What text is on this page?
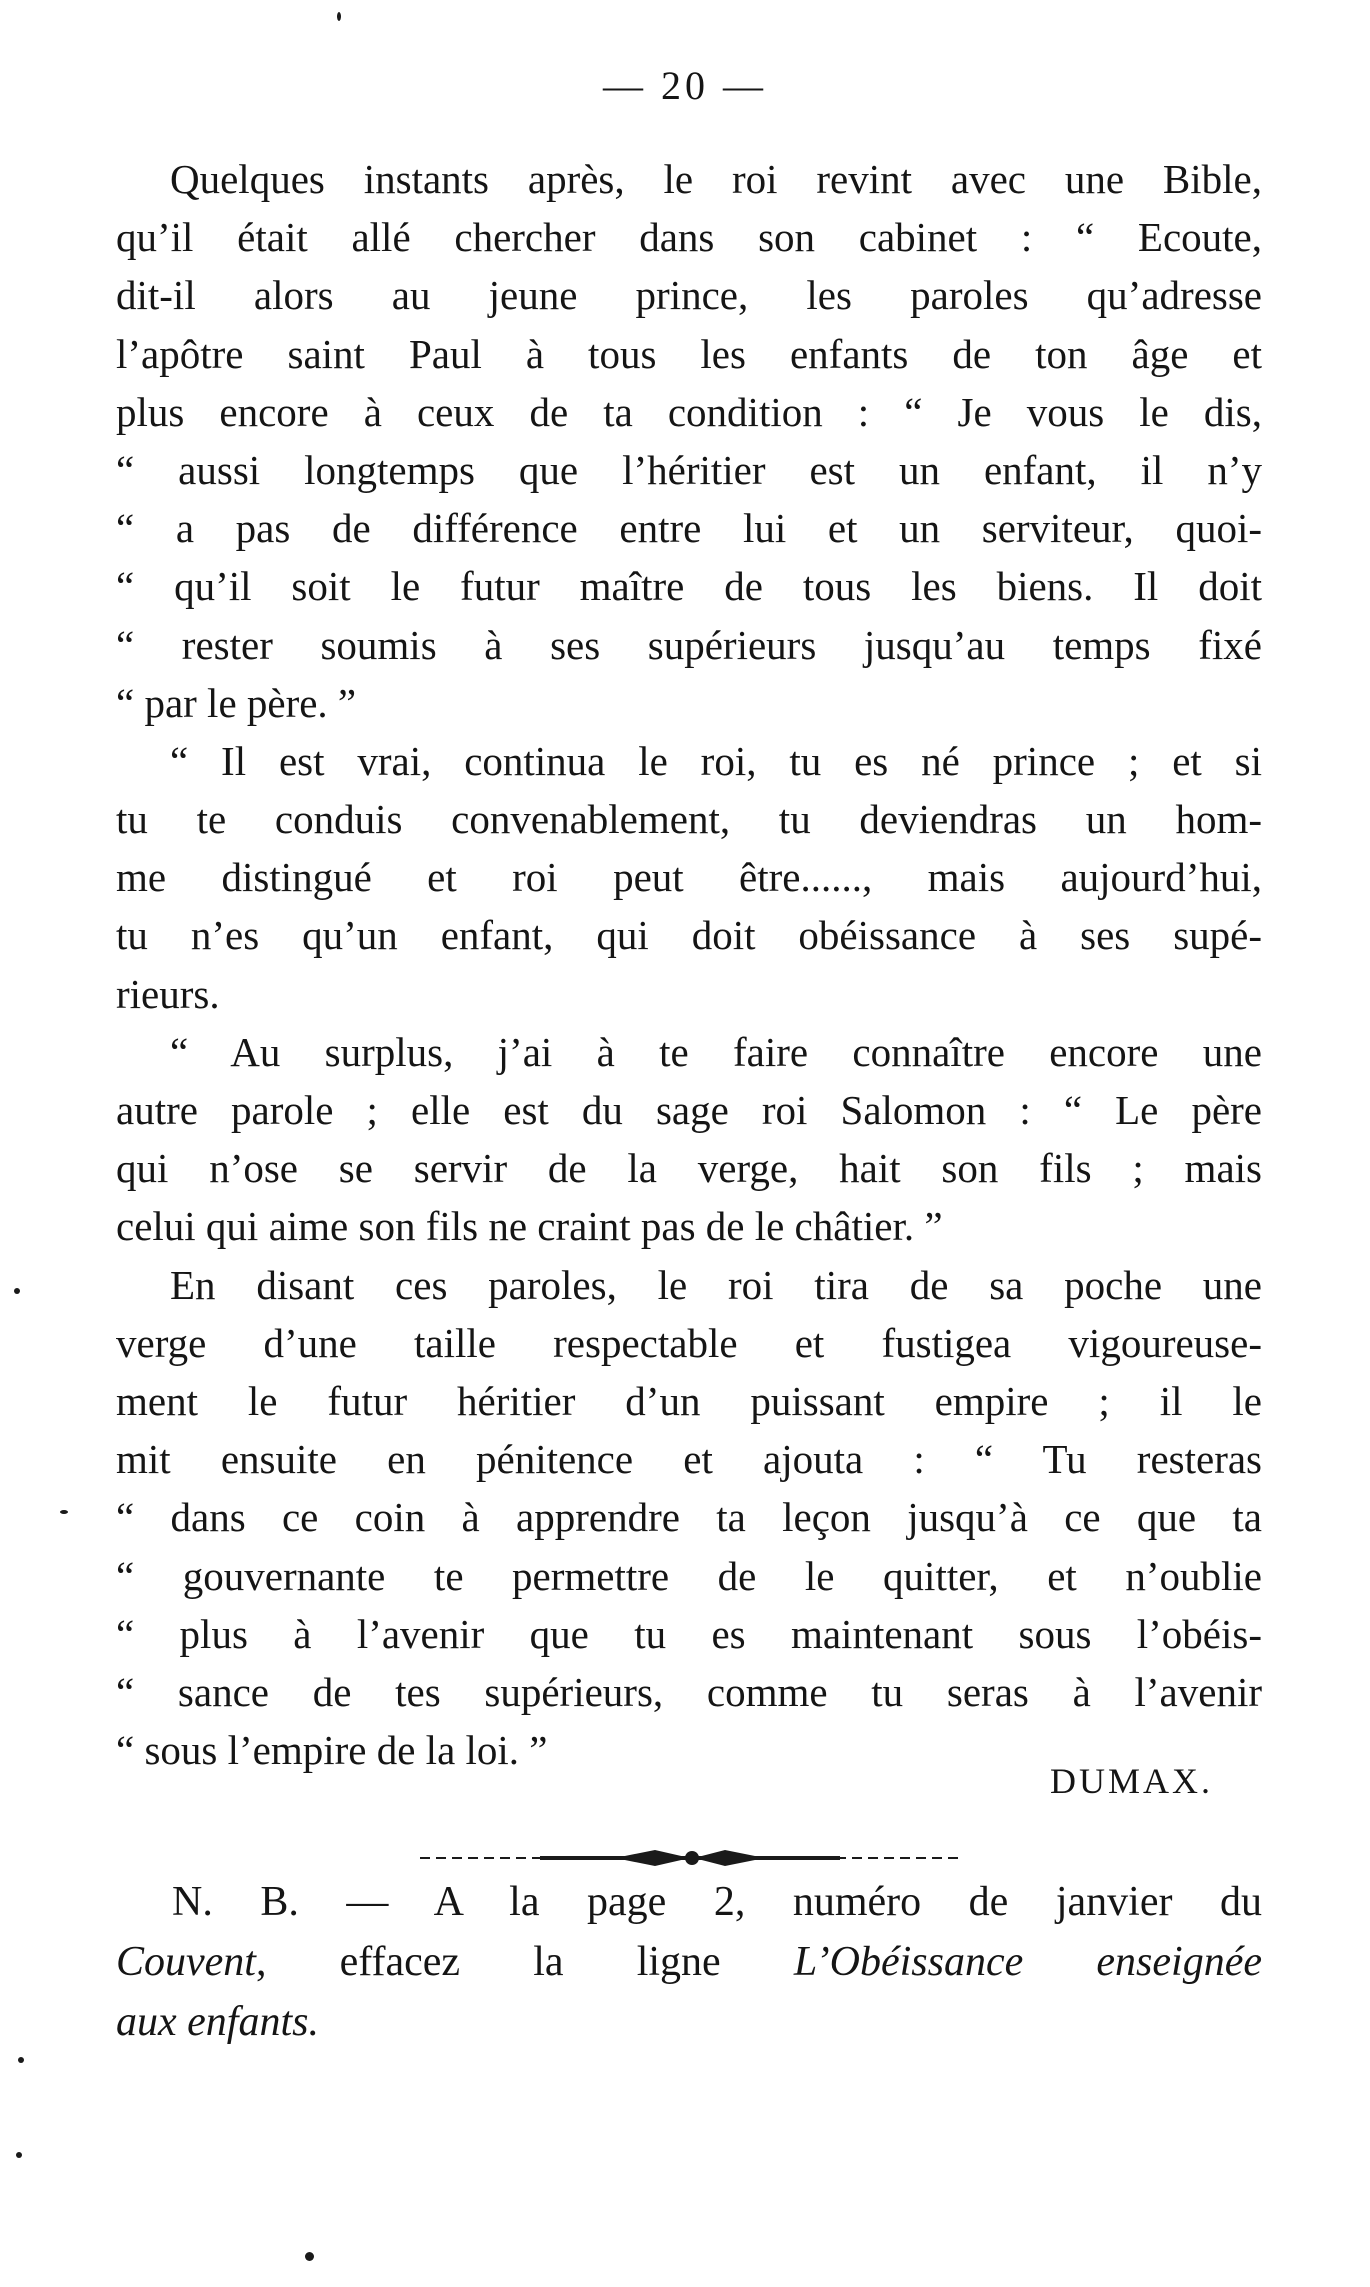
— 20 —
Quelques instants après, le roi revint avec une Bible,
qu’il était allé chercher dans son cabinet : “ Ecoute,
dit-il alors au jeune prince, les paroles qu’adresse
l’apôtre saint Paul à tous les enfants de ton âge et
plus encore à ceux de ta condition : “ Je vous le dis,
“ aussi longtemps que l’héritier est un enfant, il n’y
“ a pas de différence entre lui et un serviteur, quoi-
“ qu’il soit le futur maître de tous les biens. Il doit
“ rester soumis à ses supérieurs jusqu’au temps fixé
“ par le père. ”
“ Il est vrai, continua le roi, tu es né prince ; et si
tu te conduis convenablement, tu deviendras un hom-
me distingué et roi peut être......, mais aujourd’hui,
tu n’es qu’un enfant, qui doit obéissance à ses supé-
rieurs.
“ Au surplus, j’ai à te faire connaître encore une
autre parole ; elle est du sage roi Salomon : “ Le père
qui n’ose se servir de la verge, hait son fils ; mais
celui qui aime son fils ne craint pas de le châtier. ”
En disant ces paroles, le roi tira de sa poche une
verge d’une taille respectable et fustigea vigoureuse-
ment le futur héritier d’un puissant empire ; il le
mit ensuite en pénitence et ajouta : “ Tu resteras
“ dans ce coin à apprendre ta leçon jusqu’à ce que ta
“ gouvernante te permettre de le quitter, et n’oublie
“ plus à l’avenir que tu es maintenant sous l’obéis-
“ sance de tes supérieurs, comme tu seras à l’avenir
“ sous l’empire de la loi. ”
DUMAX.
N. B. — A la page 2, numéro de janvier du
Couvent, effacez la ligne L’Obéissance enseignée
aux enfants.
